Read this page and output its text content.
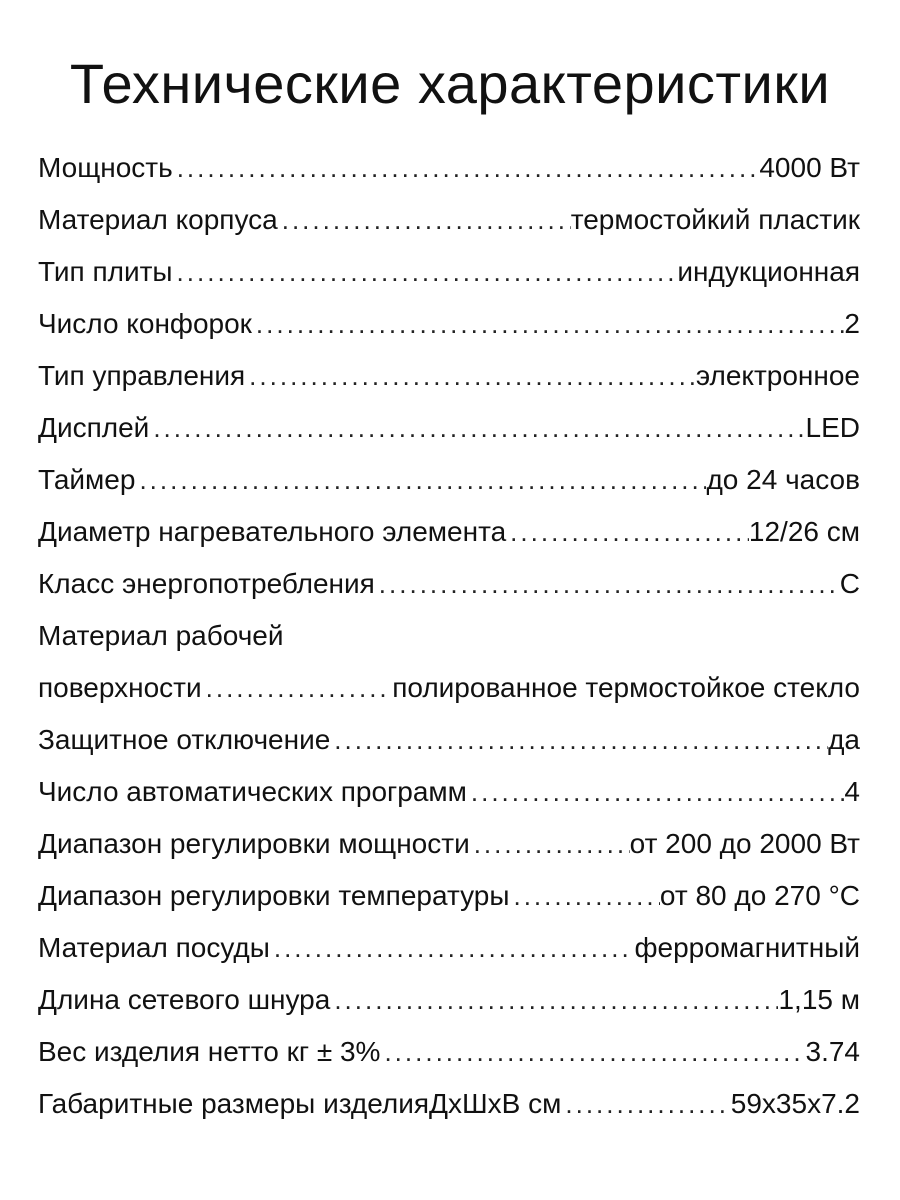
Технические характеристики
Мощность .....	4000 Вт
Материал корпуса .....	термостойкий пластик
Тип плиты .....	индукционная
Число конфорок .....	2
Тип управления .....	электронное
Дисплей .....	LED
Таймер .....	до 24 часов
Диаметр нагревательного элемента .....	12/26 см
Класс энергопотребления .....	C
Материал рабочей
поверхности .....	полированное термостойкое стекло
Защитное отключение .....	да
Число автоматических программ .....	4
Диапазон регулировки мощности .....	от 200 до 2000 Вт
Диапазон регулировки температуры .....	от 80 до 270 °C
Материал посуды .....	ферромагнитный
Длина сетевого шнура .....	1,15 м
Вес изделия нетто кг ± 3% .....	3.74
Габаритные размеры изделияДхШхВ см .....	59x35x7.2
